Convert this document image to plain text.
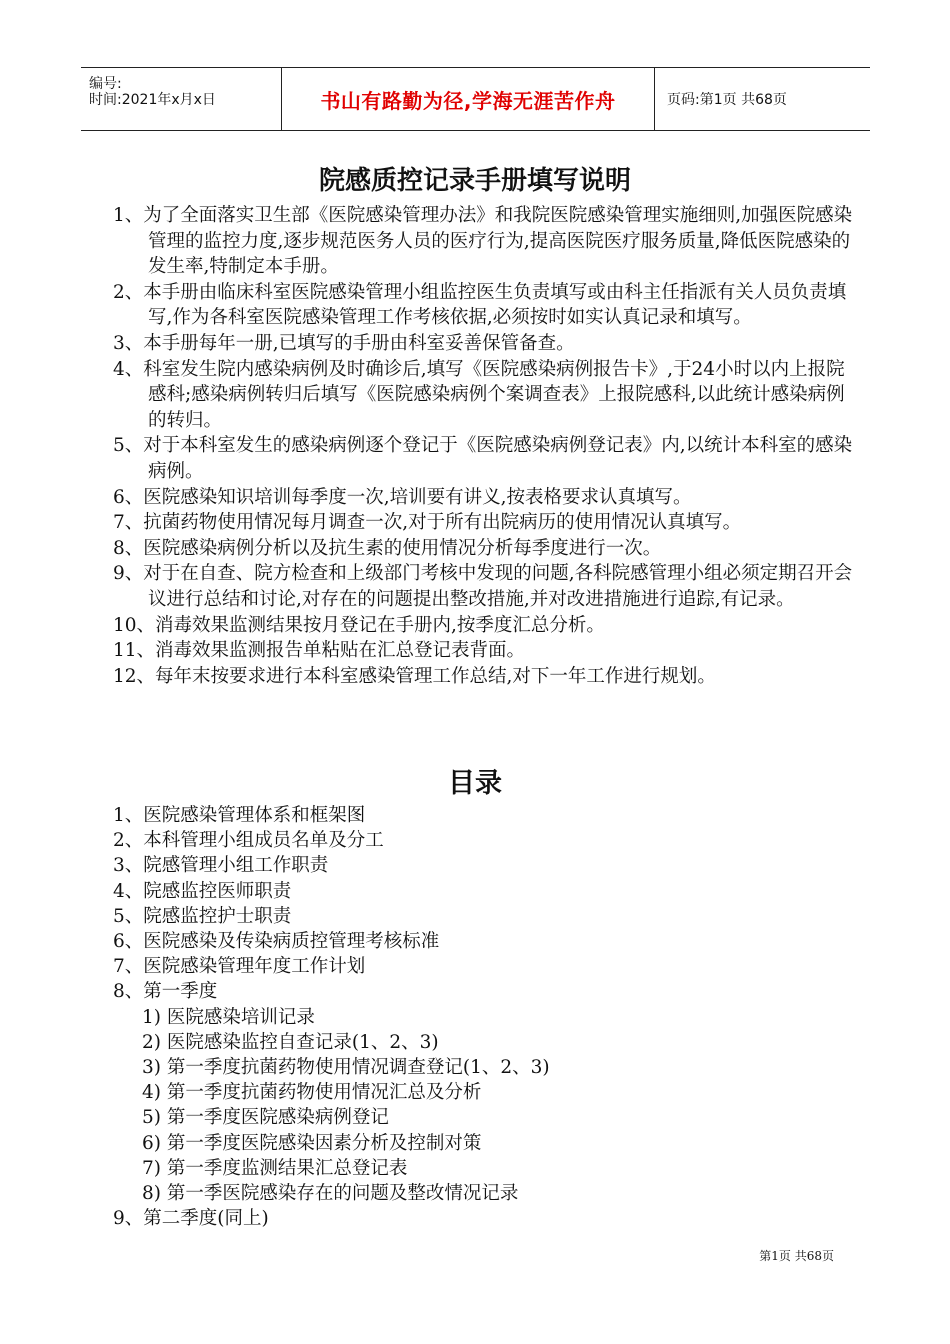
编号:
时间:2021年x月x日	书山有路勤为径,学海无涯苦作舟	页码:第1页 共68页
院感质控记录手册填写说明
1、为了全面落实卫生部《医院感染管理办法》和我院医院感染管理实施细则,加强医院感染管理的监控力度,逐步规范医务人员的医疗行为,提高医院医疗服务质量,降低医院感染的发生率,特制定本手册。
2、本手册由临床科室医院感染管理小组监控医生负责填写或由科主任指派有关人员负责填写,作为各科室医院感染管理工作考核依据,必须按时如实认真记录和填写。
3、本手册每年一册,已填写的手册由科室妥善保管备查。
4、科室发生院内感染病例及时确诊后,填写《医院感染病例报告卡》,于24小时以内上报院感科;感染病例转归后填写《医院感染病例个案调查表》上报院感科,以此统计感染病例的转归。
5、对于本科室发生的感染病例逐个登记于《医院感染病例登记表》内,以统计本科室的感染病例。
6、医院感染知识培训每季度一次,培训要有讲义,按表格要求认真填写。
7、抗菌药物使用情况每月调查一次,对于所有出院病历的使用情况认真填写。
8、医院感染病例分析以及抗生素的使用情况分析每季度进行一次。
9、对于在自查、院方检查和上级部门考核中发现的问题,各科院感管理小组必须定期召开会议进行总结和讨论,对存在的问题提出整改措施,并对改进措施进行追踪,有记录。
10、消毒效果监测结果按月登记在手册内,按季度汇总分析。
11、消毒效果监测报告单粘贴在汇总登记表背面。
12、每年末按要求进行本科室感染管理工作总结,对下一年工作进行规划。
目录
1、医院感染管理体系和框架图
2、本科管理小组成员名单及分工
3、院感管理小组工作职责
4、院感监控医师职责
5、院感监控护士职责
6、医院感染及传染病质控管理考核标准
7、医院感染管理年度工作计划
8、第一季度
1) 医院感染培训记录
2) 医院感染监控自查记录(1、2、3)
3) 第一季度抗菌药物使用情况调查登记(1、2、3)
4) 第一季度抗菌药物使用情况汇总及分析
5) 第一季度医院感染病例登记
6) 第一季度医院感染因素分析及控制对策
7) 第一季度监测结果汇总登记表
8) 第一季医院感染存在的问题及整改情况记录
9、第二季度(同上)
第1页 共68页
